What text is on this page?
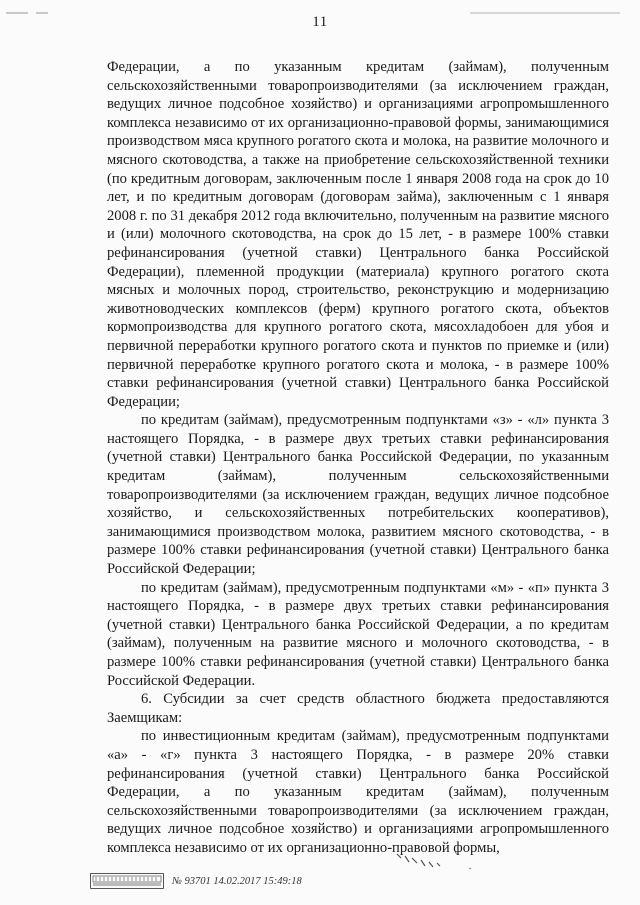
11

Федерации, а по указанным кредитам (займам), полученным сельскохозяйственными товаропроизводителями (за исключением граждан, ведущих личное подсобное хозяйство) и организациями агропромышленного комплекса независимо от их организационно-правовой формы, занимающимися производством мяса крупного рогатого скота и молока, на развитие молочного и мясного скотоводства, а также на приобретение сельскохозяйственной техники (по кредитным договорам, заключенным после 1 января 2008 года на срок до 10 лет, и по кредитным договорам (договорам займа), заключенным с 1 января 2008 г. по 31 декабря 2012 года включительно, полученным на развитие мясного и (или) молочного скотоводства, на срок до 15 лет, - в размере 100% ставки рефинансирования (учетной ставки) Центрального банка Российской Федерации), племенной продукции (материала) крупного рогатого скота мясных и молочных пород, строительство, реконструкцию и модернизацию животноводческих комплексов (ферм) крупного рогатого скота, объектов кормопроизводства для крупного рогатого скота, мясохладобоен для убоя и первичной переработки крупного рогатого скота и пунктов по приемке и (или) первичной переработке крупного рогатого скота и молока, - в размере 100% ставки рефинансирования (учетной ставки) Центрального банка Российской Федерации;

по кредитам (займам), предусмотренным подпунктами «з» - «л» пункта 3 настоящего Порядка, - в размере двух третьих ставки рефинансирования (учетной ставки) Центрального банка Российской Федерации, по указанным кредитам (займам), полученным сельскохозяйственными товаропроизводителями (за исключением граждан, ведущих личное подсобное хозяйство, и сельскохозяйственных потребительских кооперативов), занимающимися производством молока, развитием мясного скотоводства, - в размере 100% ставки рефинансирования (учетной ставки) Центрального банка Российской Федерации;

по кредитам (займам), предусмотренным подпунктами «м» - «п» пункта 3 настоящего Порядка, - в размере двух третьих ставки рефинансирования (учетной ставки) Центрального банка Российской Федерации, а по кредитам (займам), полученным на развитие мясного и молочного скотоводства, - в размере 100% ставки рефинансирования (учетной ставки) Центрального банка Российской Федерации.

6. Субсидии за счет средств областного бюджета предоставляются Заемщикам:

по инвестиционным кредитам (займам), предусмотренным подпунктами «а» - «г» пункта 3 настоящего Порядка, - в размере 20% ставки рефинансирования (учетной ставки) Центрального банка Российской Федерации, а по указанным кредитам (займам), полученным сельскохозяйственными товаропроизводителями (за исключением граждан, ведущих личное подсобное хозяйство) и организациями агропромышленного комплекса независимо от их организационно-правовой формы,

№ 93701 14.02.2017 15:49:18
